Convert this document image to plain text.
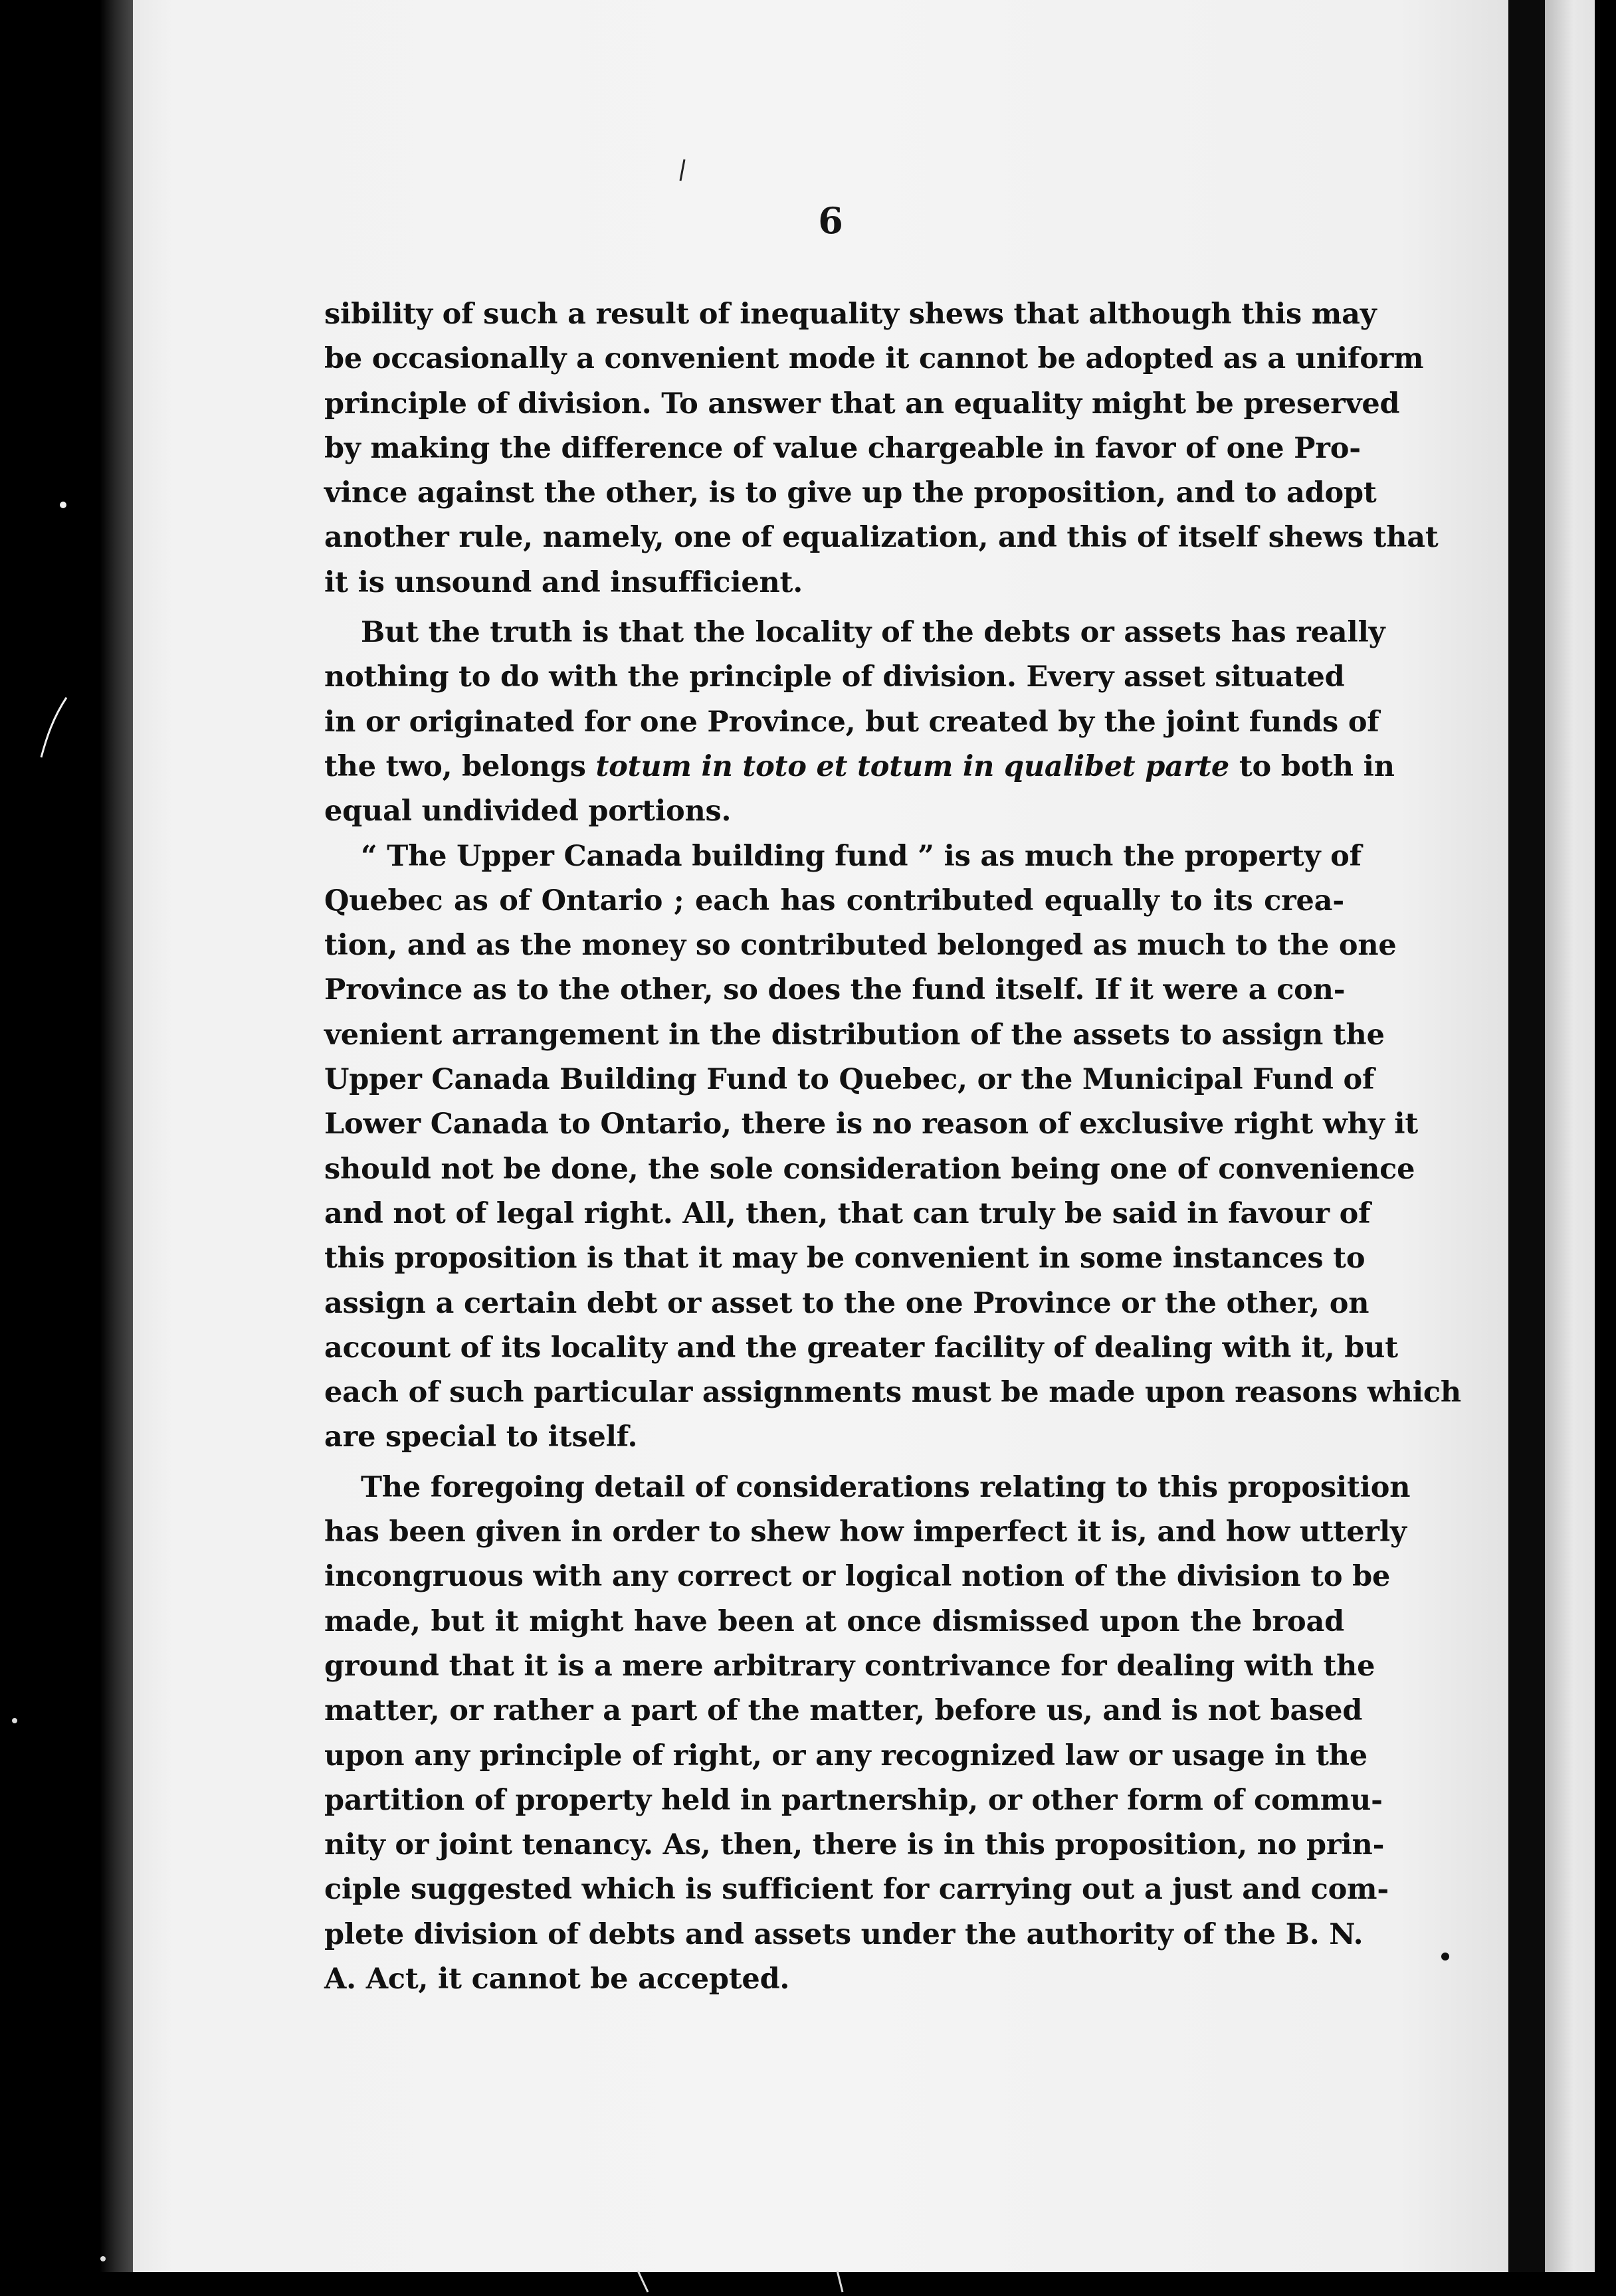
6

sibility of such a result of inequality shews that although this may
be occasionally a convenient mode it cannot be adopted as a uniform
principle of division. To answer that an equality might be preserved
by making the difference of value chargeable in favor of one Pro-
vince against the other, is to give up the proposition, and to adopt
another rule, namely, one of equalization, and this of itself shews that
it is unsound and insufficient.
But the truth is that the locality of the debts or assets has really
nothing to do with the principle of division. Every asset situated
in or originated for one Province, but created by the joint funds of
the two, belongs totum in toto et totum in qualibet parte to both in
equal undivided portions.
“ The Upper Canada building fund ” is as much the property of
Quebec as of Ontario ; each has contributed equally to its crea-
tion, and as the money so contributed belonged as much to the one
Province as to the other, so does the fund itself. If it were a con-
venient arrangement in the distribution of the assets to assign the
Upper Canada Building Fund to Quebec, or the Municipal Fund of
Lower Canada to Ontario, there is no reason of exclusive right why it
should not be done, the sole consideration being one of convenience
and not of legal right. All, then, that can truly be said in favour of
this proposition is that it may be convenient in some instances to
assign a certain debt or asset to the one Province or the other, on
account of its locality and the greater facility of dealing with it, but
each of such particular assignments must be made upon reasons which
are special to itself.
The foregoing detail of considerations relating to this proposition
has been given in order to shew how imperfect it is, and how utterly
incongruous with any correct or logical notion of the division to be
made, but it might have been at once dismissed upon the broad
ground that it is a mere arbitrary contrivance for dealing with the
matter, or rather a part of the matter, before us, and is not based
upon any principle of right, or any recognized law or usage in the
partition of property held in partnership, or other form of commu-
nity or joint tenancy. As, then, there is in this proposition, no prin-
ciple suggested which is sufficient for carrying out a just and com-
plete division of debts and assets under the authority of the B. N.
A. Act, it cannot be accepted.
